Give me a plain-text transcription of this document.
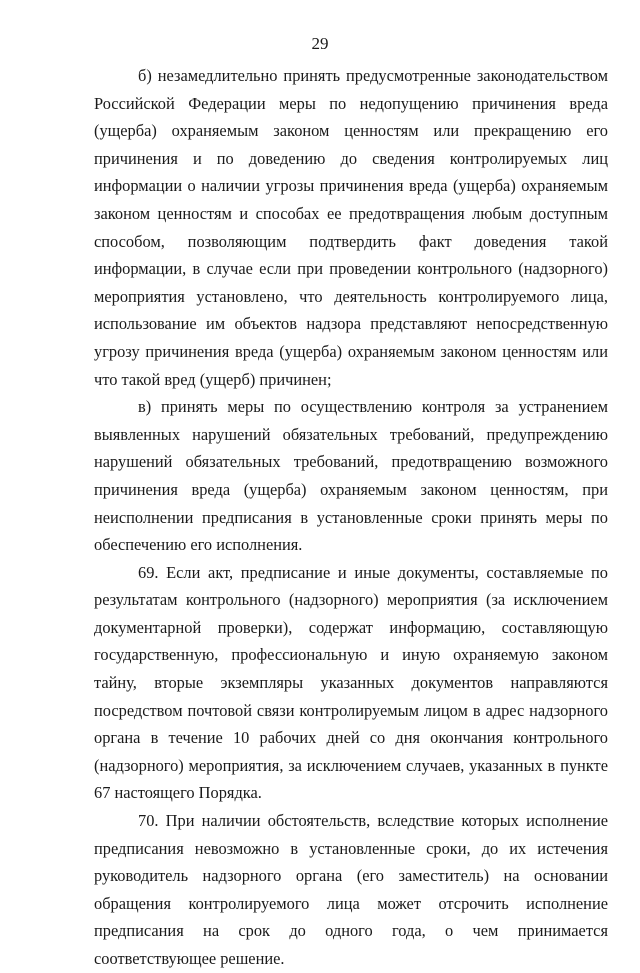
29

б) незамедлительно принять предусмотренные законодательством Российской Федерации меры по недопущению причинения вреда (ущерба) охраняемым законом ценностям или прекращению его причинения и по доведению до сведения контролируемых лиц информации о наличии угрозы причинения вреда (ущерба) охраняемым законом ценностям и способах ее предотвращения любым доступным способом, позволяющим подтвердить факт доведения такой информации, в случае если при проведении контрольного (надзорного) мероприятия установлено, что деятельность контролируемого лица, использование им объектов надзора представляют непосредственную угрозу причинения вреда (ущерба) охраняемым законом ценностям или что такой вред (ущерб) причинен;

в) принять меры по осуществлению контроля за устранением выявленных нарушений обязательных требований, предупреждению нарушений обязательных требований, предотвращению возможного причинения вреда (ущерба) охраняемым законом ценностям, при неисполнении предписания в установленные сроки принять меры по обеспечению его исполнения.

69. Если акт, предписание и иные документы, составляемые по результатам контрольного (надзорного) мероприятия (за исключением документарной проверки), содержат информацию, составляющую государственную, профессиональную и иную охраняемую законом тайну, вторые экземпляры указанных документов направляются посредством почтовой связи контролируемым лицом в адрес надзорного органа в течение 10 рабочих дней со дня окончания контрольного (надзорного) мероприятия, за исключением случаев, указанных в пункте 67 настоящего Порядка.

70. При наличии обстоятельств, вследствие которых исполнение предписания невозможно в установленные сроки, до их истечения руководитель надзорного органа (его заместитель) на основании обращения контролируемого лица может отсрочить исполнение предписания на срок до одного года, о чем принимается соответствующее решение.
